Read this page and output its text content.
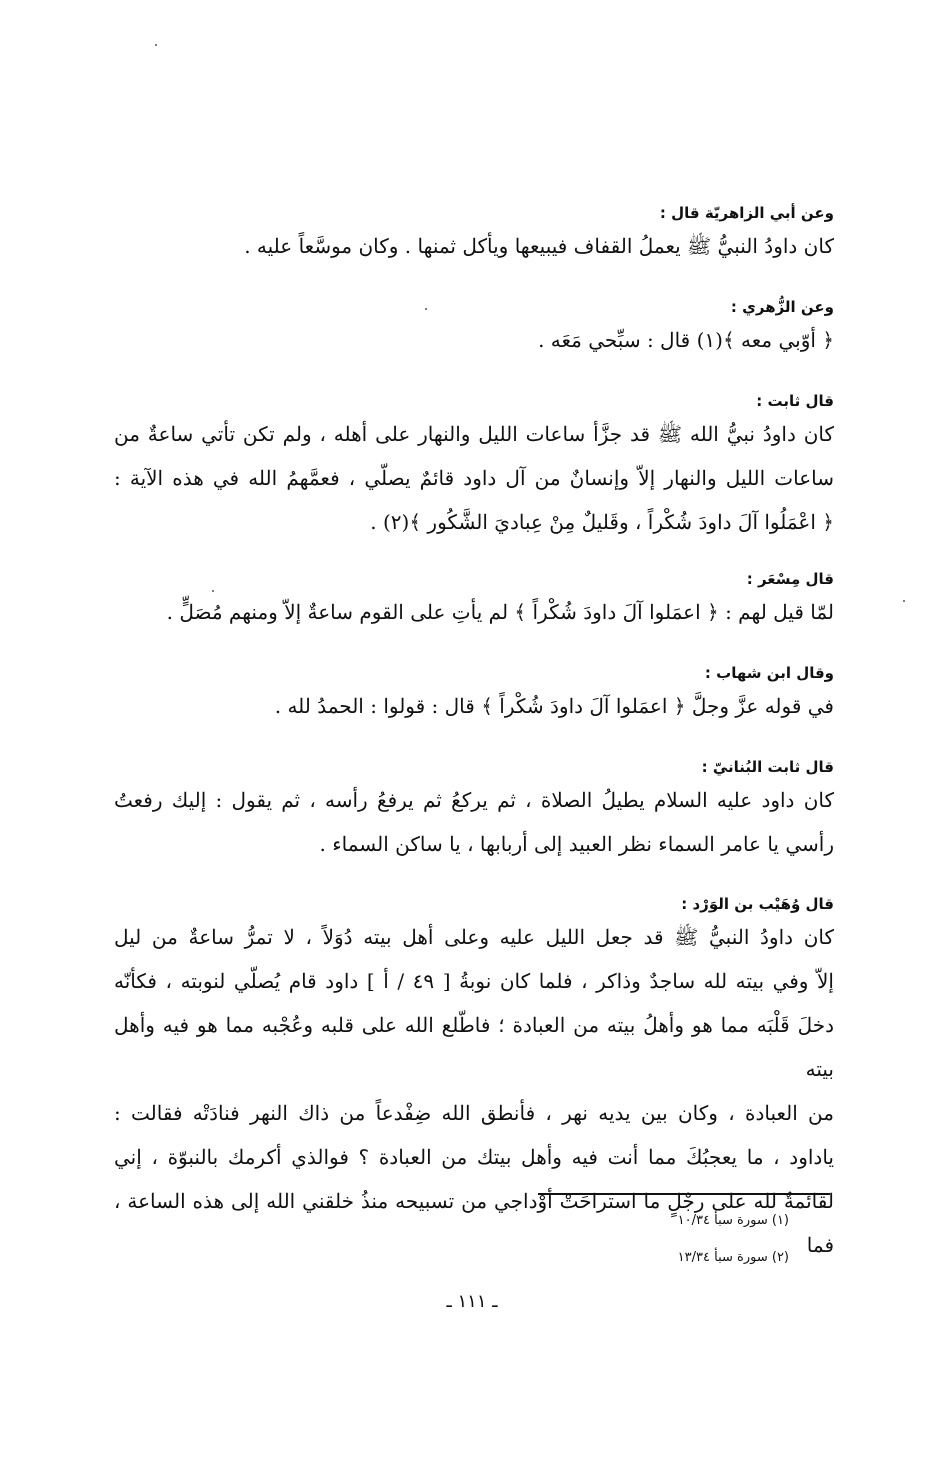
وعن أبي الزاهريّة قال :
كان داودُ النبيُّ ﷺ يعملُ القفاف فيبيعها ويأكل ثمنها . وكان موسَّعاً عليه .
وعن الزُّهري :
﴿ أوّبي معه ﴾(١) قال : سبِّحي مَعَه .
قال ثابت :
كان داودُ نبيُّ الله ﷺ قد جزَّأ ساعات الليل والنهار على أهله ، ولم تكن تأتي ساعةٌ من
ساعات الليل والنهار إلاّ وإنسانٌ من آل داود قائمٌ يصلّي ، فعمَّهمُ الله في هذه الآية :
﴿ اعْمَلُوا آلَ داودَ شُكْراً ، وقَليلٌ مِنْ عِباديَ الشَّكُور ﴾(٢) .
قال مِسْعَر :
لمّا قيل لهم : ﴿ اعمَلوا آلَ داودَ شُكْراً ﴾ لم يأتِ على القوم ساعةٌ إلاّ ومنهم مُصَلٍّ .
وقال ابن شهاب :
في قوله عزَّ وجلَّ ﴿ اعمَلوا آلَ داودَ شُكْراً ﴾ قال : قولوا : الحمدُ لله .
قال ثابت البُنانيّ :
كان داود عليه السلام يطيلُ الصلاة ، ثم يركعُ ثم يرفعُ رأسه ، ثم يقول : إليك رفعتُ
رأسي يا عامر السماء نظر العبيد إلى أربابها ، يا ساكن السماء .
قال وُهَيْب بن الوَرْد :
كان داودُ النبيُّ ﷺ قد جعل الليل عليه وعلى أهل بيته دُوَلاً ، لا تمرُّ ساعةٌ من ليل
إلاّ وفي بيته لله ساجدٌ وذاكر ، فلما كان نوبةُ [ ٤٩ / أ ] داود قام يُصلّي لنوبته ، فكأنّه
دخلَ قَلْبَه مما هو وأهلُ بيته من العبادة ؛ فاطّلع الله على قلبه وعُجْبه مما هو فيه وأهل بيته
من العبادة ، وكان بين يديه نهر ، فأنطق الله ضِفْدعاً من ذاك النهر فنادَتْه فقالت :
ياداود ، ما يعجبُكَ مما أنت فيه وأهل بيتك من العبادة ؟ فوالذي أكرمك بالنبوّة ، إني
لقائمةٌ لله على رجْلٍ ما استراحَتْ أوْداجي من تسبيحه منذُ خلقني الله إلى هذه الساعة ، فما
(١) سورة سبأ ١٠/٣٤
(٢) سورة سبأ ١٣/٣٤
ـ ١١١ ـ
